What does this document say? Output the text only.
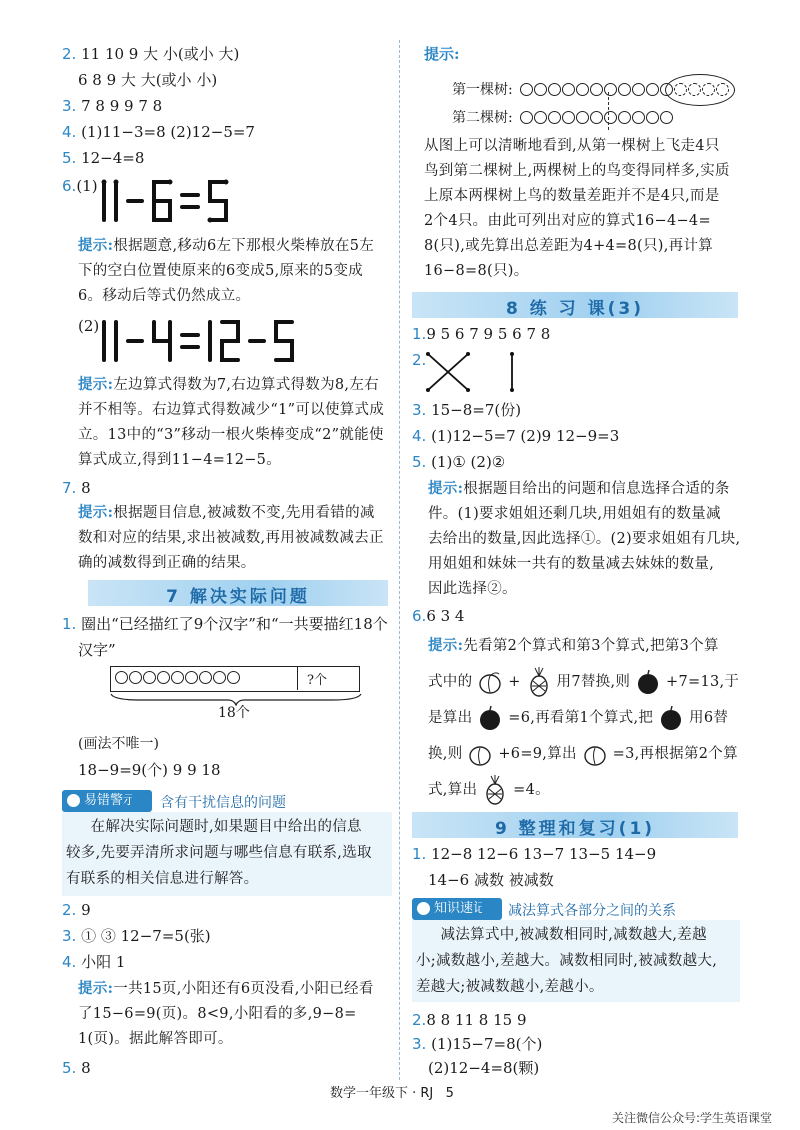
2. 11 10 9 大 小(或小 大)
6 8 9 大 大(或小 小)
3. 7 8 9 9 7 8
4. (1)11−3=8 (2)12−5=7
5. 12−4=8
6.(1)
提示:根据题意,移动6左下那根火柴棒放在5左
下的空白位置使原来的6变成5,原来的5变成
6。移动后等式仍然成立。
(2)
提示:左边算式得数为7,右边算式得数为8,左右
并不相等。右边算式得数减少“1”可以使算式成
立。13中的“3”移动一根火柴棒变成“2”就能使
算式成立,得到11−4=12−5。
7. 8
提示:根据题目信息,被减数不变,先用看错的减
数和对应的结果,求出被减数,再用被减数减去正
确的减数得到正确的结果。
7 解决实际问题
1. 圈出“已经描红了9个汉字”和“一共要描红18个
汉字”
?个
18个
(画法不唯一)
18−9=9(个) 9 9 18
易错警示	含有干扰信息的问题
在解决实际问题时,如果题目中给出的信息
较多,先要弄清所求问题与哪些信息有联系,选取
有联系的相关信息进行解答。
2. 9
3. ① ③ 12−7=5(张)
4. 小阳 1
提示:一共15页,小阳还有6页没看,小阳已经看
了15−6=9(页)。8<9,小阳看的多,9−8=
1(页)。据此解答即可。
5. 8
提示:
第一棵树:
第二棵树:
从图上可以清晰地看到,从第一棵树上飞走4只
鸟到第二棵树上,两棵树上的鸟变得同样多,实质
上原本两棵树上鸟的数量差距并不是4只,而是
2个4只。由此可列出对应的算式16−4−4=
8(只),或先算出总差距为4+4=8(只),再计算
16−8=8(只)。
8 练 习 课(3)
1.9 5 6 7 9 5 6 7 8
2.
3. 15−8=7(份)
4. (1)12−5=7 (2)9 12−9=3
5. (1)① (2)②
提示:根据题目给出的问题和信息选择合适的条
件。(1)要求姐姐还剩几块,用姐姐有的数量减
去给出的数量,因此选择①。(2)要求姐姐有几块,
用姐姐和妹妹一共有的数量减去妹妹的数量,
因此选择②。
6.6 3 4
提示:先看第2个算式和第3个算式,把第3个算
式中的 + 用7替换,则 +7=13,于
是算出 =6,再看第1个算式,把 用6替
换,则 +6=9,算出 =3,再根据第2个算
式,算出 =4。
9 整理和复习(1)
1. 12−8 12−6 13−7 13−5 14−9
14−6 减数 被减数
知识速记	减法算式各部分之间的关系
减法算式中,被减数相同时,减数越大,差越
小;减数越小,差越大。减数相同时,被减数越大,
差越大;被减数越小,差越小。
2.8 8 11 8 15 9
3. (1)15−7=8(个)
(2)12−4=8(颗)
数学一年级下 · RJ 5
关注微信公众号:学生英语课堂
